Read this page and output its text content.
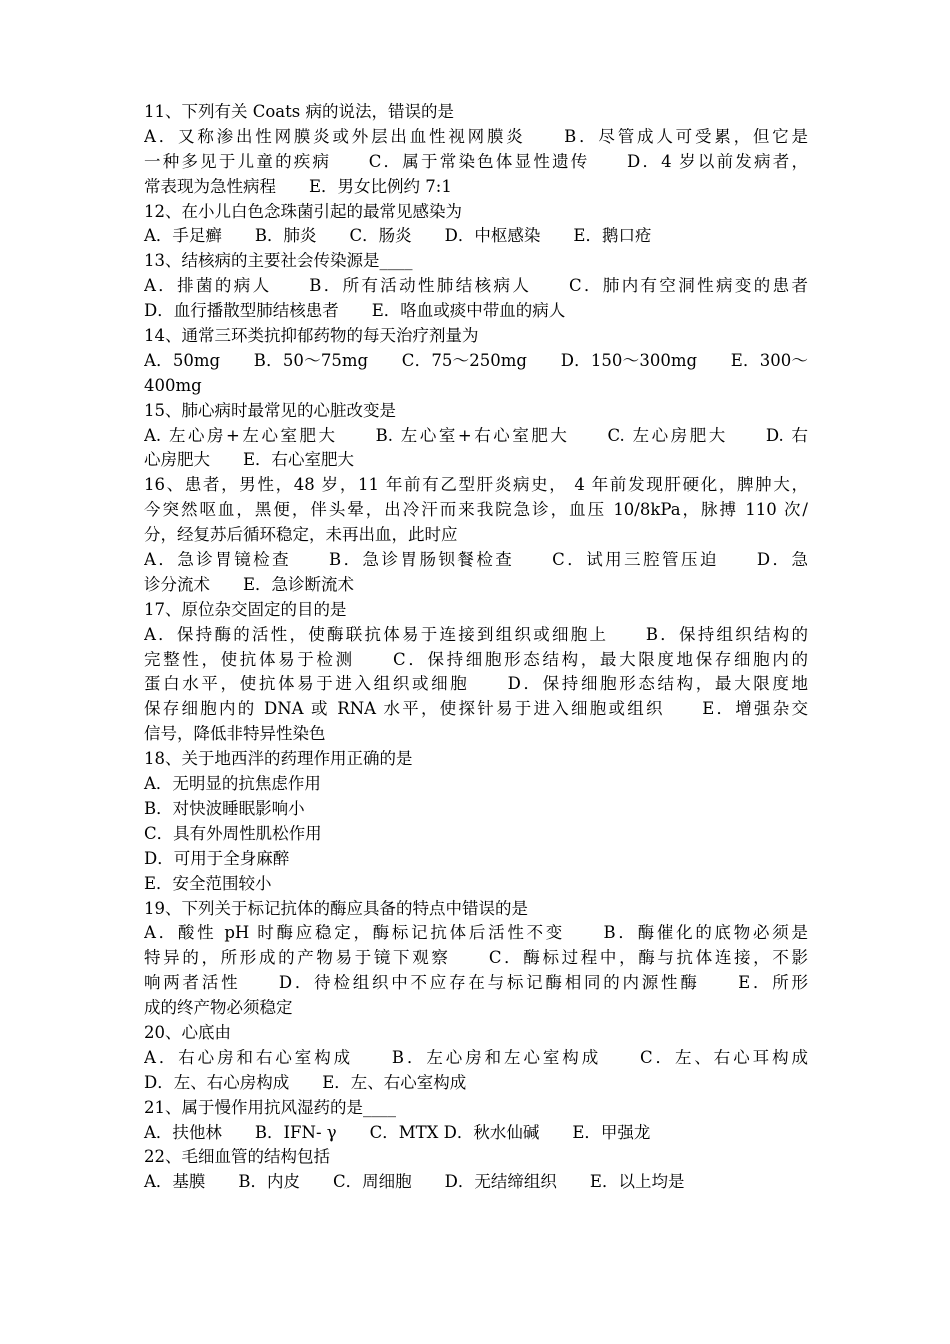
11、下列有关 Coats 病的说法，错误的是
A．又称渗出性网膜炎或外层出血性视网膜炎　　B．尽管成人可受累，但它是
一种多见于儿童的疾病　　C．属于常染色体显性遗传　　D．4 岁以前发病者，
常表现为急性病程　　E．男女比例约 7:1
12、在小儿白色念珠菌引起的最常见感染为
A．手足癣　　B．肺炎　　C．肠炎　　D．中枢感染　　E．鹅口疮
13、结核病的主要社会传染源是____
A．排菌的病人　　B．所有活动性肺结核病人　　C．肺内有空洞性病变的患者
D．血行播散型肺结核患者　　E．咯血或痰中带血的病人
14、通常三环类抗抑郁药物的每天治疗剂量为
A．50mg　　B．50～75mg　　C．75～250mg　　D．150～300mg　　E．300～
400mg
15、肺心病时最常见的心脏改变是
A. 左心房+左心室肥大　　B. 左心室+右心室肥大　　C. 左心房肥大　　D. 右
心房肥大　　E．右心室肥大
16、患者，男性，48 岁，11 年前有乙型肝炎病史， 4 年前发现肝硬化，脾肿大，
今突然呕血，黑便，伴头晕，出冷汗而来我院急诊，血压 10/8kPa，脉搏 110 次/
分，经复苏后循环稳定，未再出血，此时应
A．急诊胃镜检查　　B．急诊胃肠钡餐检查　　C．试用三腔管压迫　　D．急
诊分流术　　E．急诊断流术
17、原位杂交固定的目的是
A．保持酶的活性，使酶联抗体易于连接到组织或细胞上　　B．保持组织结构的
完整性，使抗体易于检测　　C．保持细胞形态结构，最大限度地保存细胞内的
蛋白水平，使抗体易于进入组织或细胞　　D．保持细胞形态结构，最大限度地
保存细胞内的 DNA 或 RNA 水平，使探针易于进入细胞或组织　　E．增强杂交
信号，降低非特异性染色
18、关于地西泮的药理作用正确的是
A．无明显的抗焦虑作用
B．对快波睡眠影响小
C．具有外周性肌松作用
D．可用于全身麻醉
E．安全范围较小
19、下列关于标记抗体的酶应具备的特点中错误的是
A．酸性 pH 时酶应稳定，酶标记抗体后活性不变　　B．酶催化的底物必须是
特异的，所形成的产物易于镜下观察　　C．酶标过程中，酶与抗体连接，不影
响两者活性　　D．待检组织中不应存在与标记酶相同的内源性酶　　E．所形
成的终产物必须稳定
20、心底由
A．右心房和右心室构成　　B．左心房和左心室构成　　C．左、右心耳构成
D．左、右心房构成　　E．左、右心室构成
21、属于慢作用抗风湿药的是____
A．扶他林　　B．IFN- γ　　C．MTX D．秋水仙碱　　E．甲强龙
22、毛细血管的结构包括
A．基膜　　B．内皮　　C．周细胞　　D．无结缔组织　　E．以上均是
